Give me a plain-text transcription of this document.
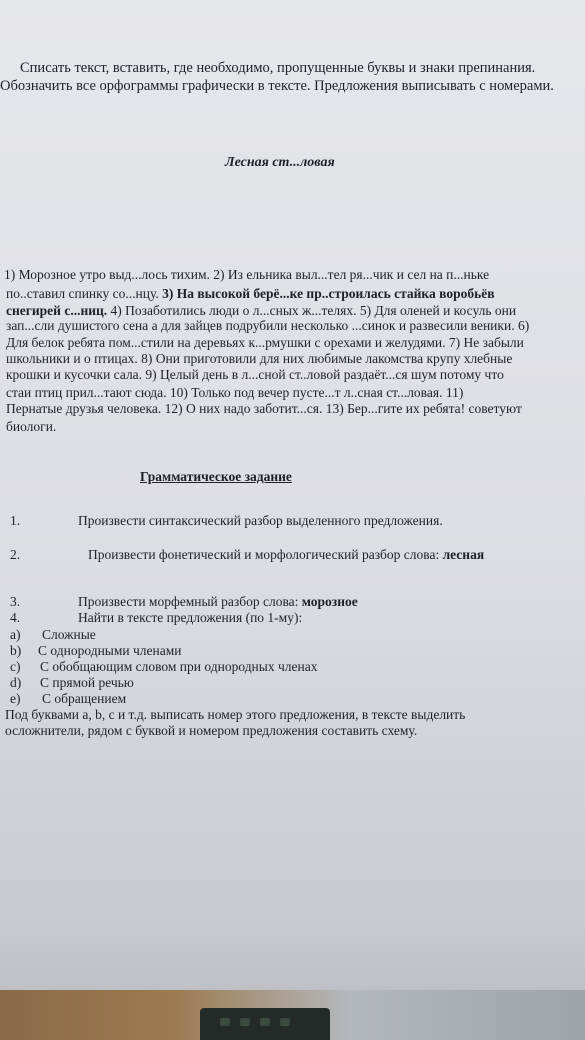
Списать текст, вставить, где необходимо, пропущенные буквы и знаки препинания.
Обозначить все орфограммы графически в тексте. Предложения выписывать с номерами.
Лесная ст...ловая
1) Морозное утро выд...лось тихим. 2) Из ельника выл...тел ря...чик и сел на п...ньке
по..ставил спинку со...нцу. 3) На высокой берё...ке пр..строилась стайка воробьёв
снегирей с...ниц. 4) Позаботились люди о л...сных ж...телях. 5) Для оленей и косуль они
зап...сли душистого сена а для зайцев подрубили несколько ...синок и развесили веники. 6)
Для белок ребята пом...стили на деревьях к...рмушки с орехами и желудями. 7) Не забыли
школьники и о птицах. 8) Они приготовили для них любимые лакомства крупу хлебные
крошки и кусочки сала. 9) Целый день в л...сной ст..ловой раздаёт...ся шум потому что
стаи птиц прил...тают сюда. 10) Только под вечер пусте...т л..сная ст...ловая. 11)
Пернатые друзья человека. 12) О них надо заботит...ся. 13) Бер...гите их ребята! советуют
биологи.
Грамматическое задание
1.	Произвести синтаксический разбор выделенного предложения.
2.	Произвести фонетический и морфологический разбор слова: лесная
3.	Произвести морфемный разбор слова: морозное
4.	Найти в тексте предложения (по 1-му):
a) Сложные
b) С однородными членами
c) С обобщающим словом при однородных членах
d) С прямой речью
e) С обращением
Под буквами a, b, c и т.д. выписать номер этого предложения, в тексте выделить
осложнители, рядом с буквой и номером предложения составить схему.
